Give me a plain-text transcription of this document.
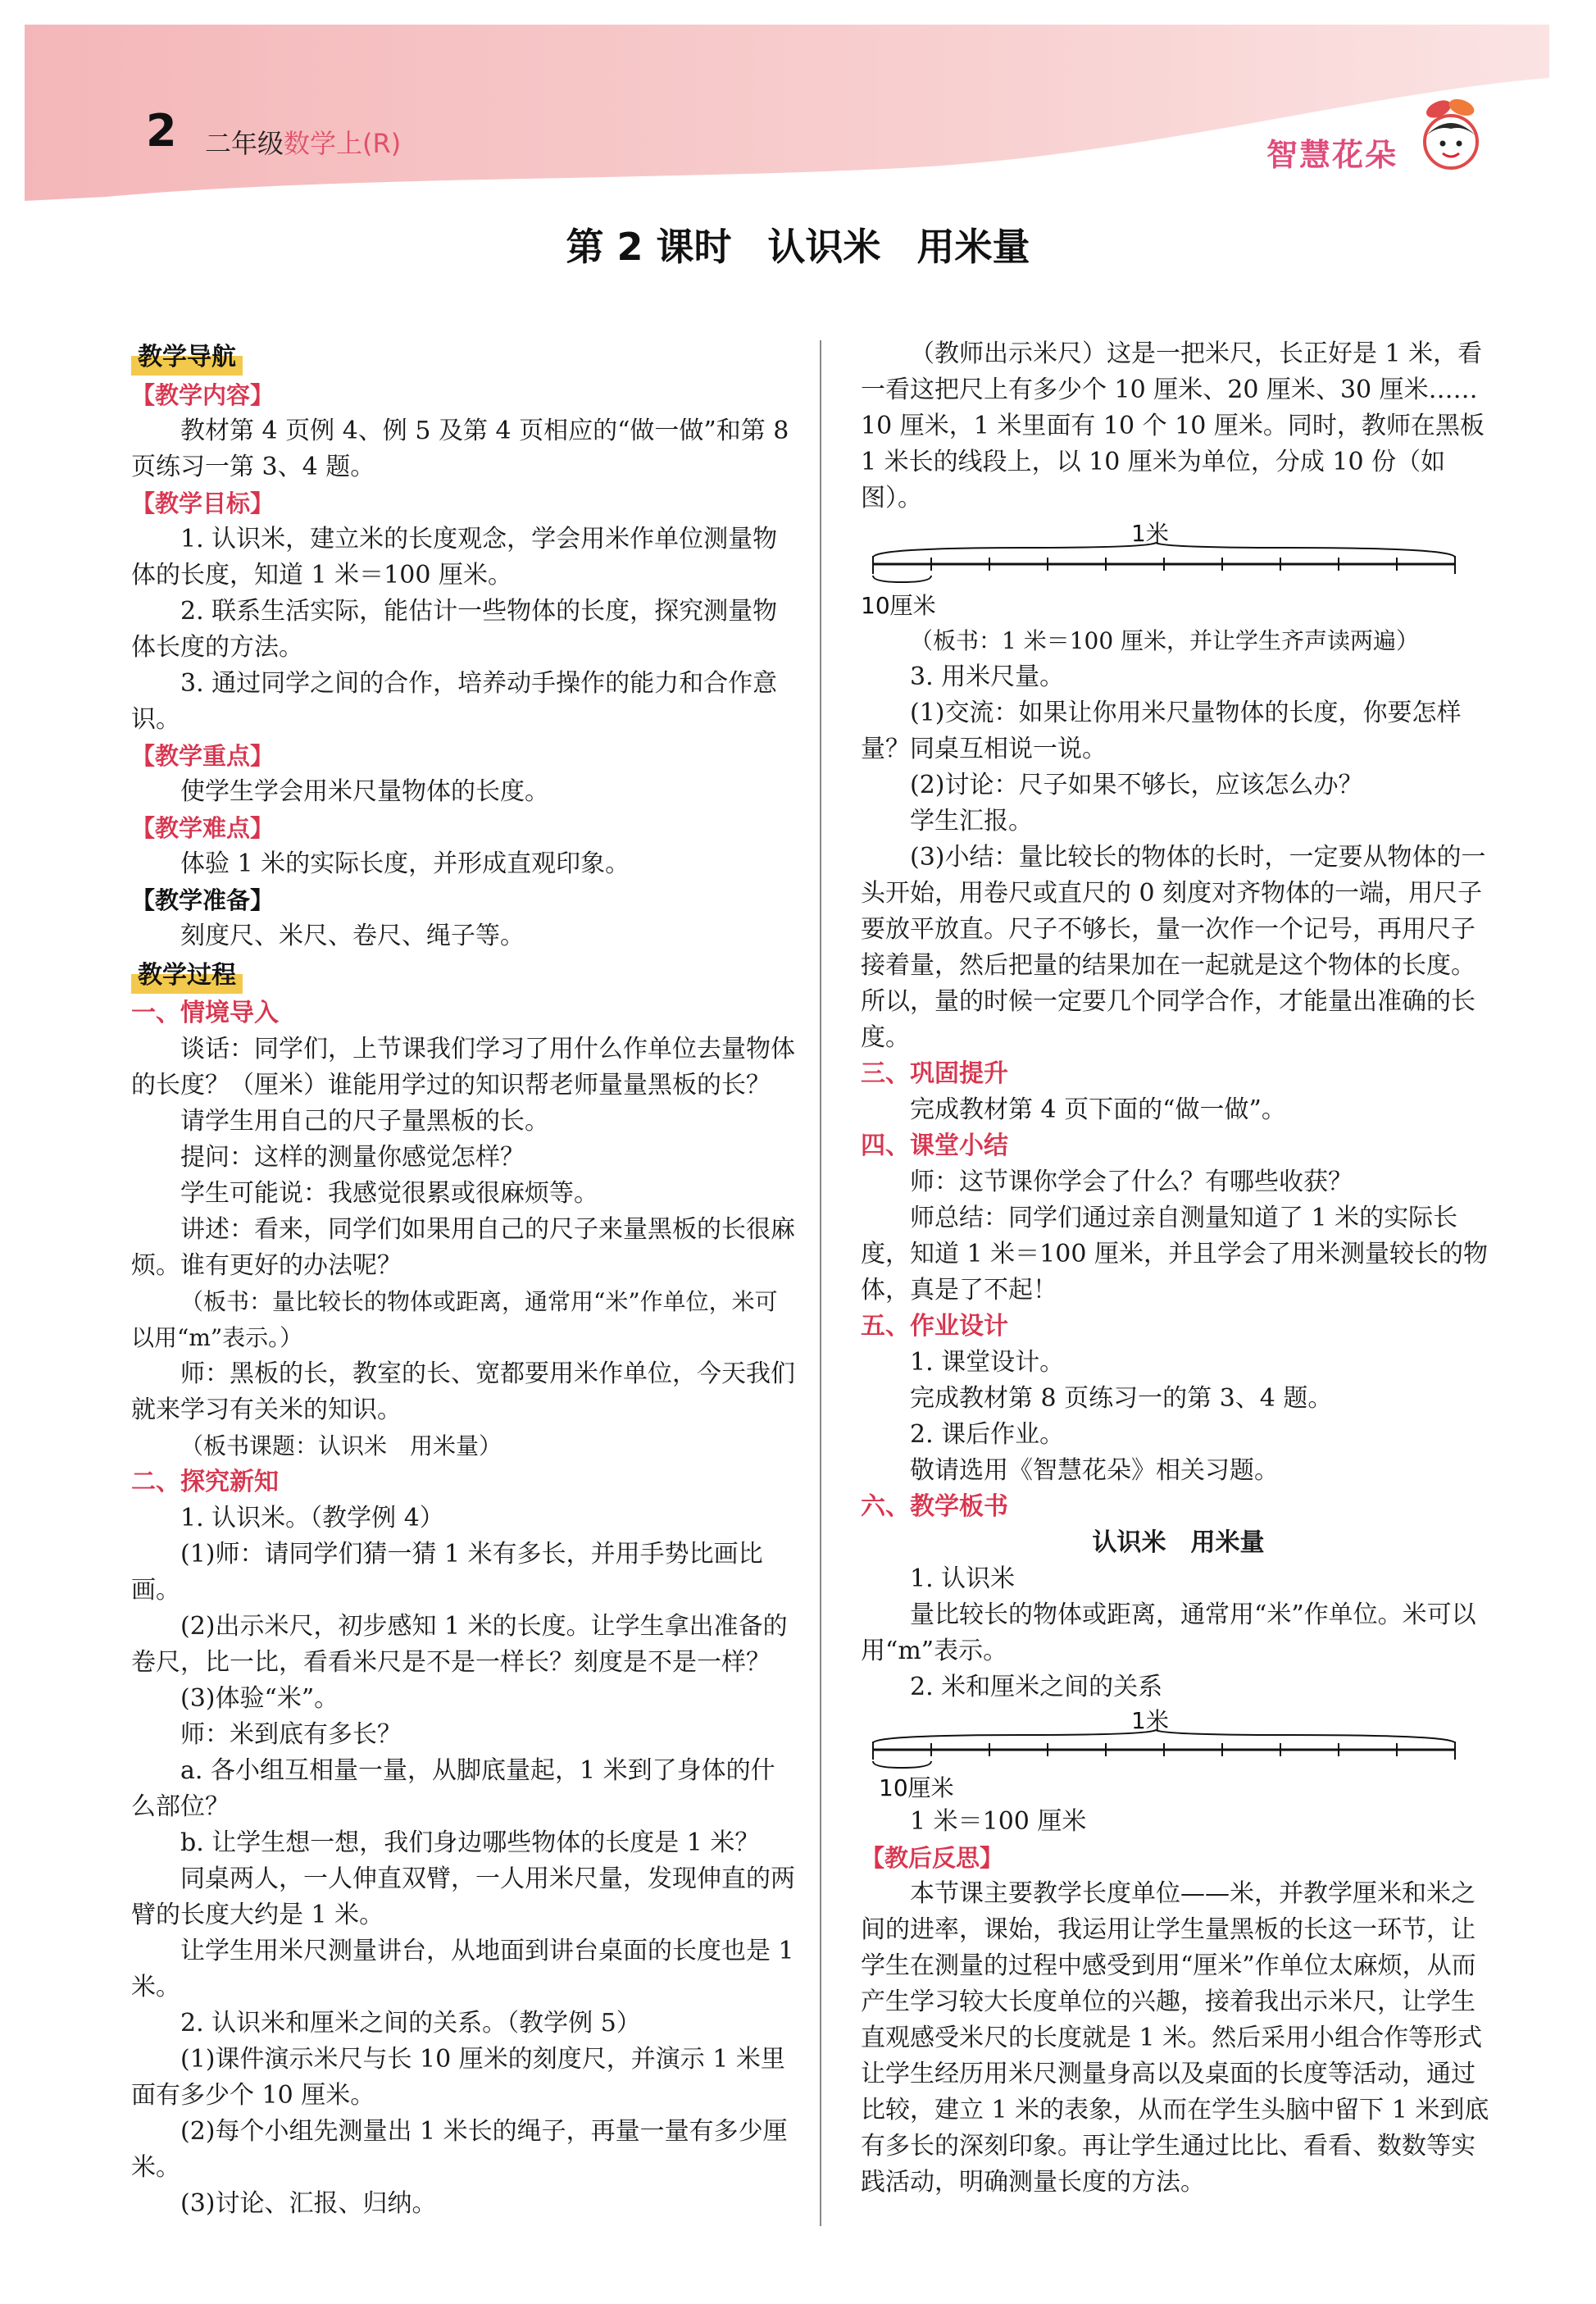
2 二年级数学上(R)	智慧花朵
第 2 课时 认识米 用米量
教学导航

【教学内容】

教材第 4 页例 4、例 5 及第 4 页相应的“做一做”和第 8 页练习一第 3、4 题。

【教学目标】

1. 认识米，建立米的长度观念，学会用米作单位测量物体的长度，知道 1 米＝100 厘米。

2. 联系生活实际，能估计一些物体的长度，探究测量物体长度的方法。

3. 通过同学之间的合作，培养动手操作的能力和合作意识。

【教学重点】

使学生学会用米尺量物体的长度。

【教学难点】

体验 1 米的实际长度，并形成直观印象。

【教学准备】

刻度尺、米尺、卷尺、绳子等。

教学过程

一、情境导入

谈话：同学们，上节课我们学习了用什么作单位去量物体的长度？（厘米）谁能用学过的知识帮老师量量黑板的长？

请学生用自己的尺子量黑板的长。

提问：这样的测量你感觉怎样？

学生可能说：我感觉很累或很麻烦等。

讲述：看来，同学们如果用自己的尺子来量黑板的长很麻烦。谁有更好的办法呢？

（板书：量比较长的物体或距离，通常用“米”作单位，米可以用“m”表示。）

师：黑板的长，教室的长、宽都要用米作单位，今天我们就来学习有关米的知识。

（板书课题：认识米　用米量）

二、探究新知

1. 认识米。（教学例 4）

(1)师：请同学们猜一猜 1 米有多长，并用手势比画比画。

(2)出示米尺，初步感知 1 米的长度。让学生拿出准备的卷尺，比一比，看看米尺是不是一样长？刻度是不是一样？

(3)体验“米”。

师：米到底有多长？

a. 各小组互相量一量，从脚底量起，1 米到了身体的什么部位？

b. 让学生想一想，我们身边哪些物体的长度是 1 米？

同桌两人，一人伸直双臂，一人用米尺量，发现伸直的两臂的长度大约是 1 米。

让学生用米尺测量讲台，从地面到讲台桌面的长度也是 1 米。

2. 认识米和厘米之间的关系。（教学例 5）

(1)课件演示米尺与长 10 厘米的刻度尺，并演示 1 米里面有多少个 10 厘米。

(2)每个小组先测量出 1 米长的绳子，再量一量有多少厘米。

(3)讨论、汇报、归纳。

（教师出示米尺）这是一把米尺，长正好是 1 米，看一看这把尺上有多少个 10 厘米、20 厘米、30 厘米……10 厘米，1 米里面有 10 个 10 厘米。同时，教师在黑板 1 米长的线段上，以 10 厘米为单位，分成 10 份（如图）。

1米
10厘米

（板书：1 米＝100 厘米，并让学生齐声读两遍）

3. 用米尺量。

(1)交流：如果让你用米尺量物体的长度，你要怎样量？同桌互相说一说。

(2)讨论：尺子如果不够长，应该怎么办？

学生汇报。

(3)小结：量比较长的物体的长时，一定要从物体的一头开始，用卷尺或直尺的 0 刻度对齐物体的一端，用尺子要放平放直。尺子不够长，量一次作一个记号，再用尺子接着量，然后把量的结果加在一起就是这个物体的长度。所以，量的时候一定要几个同学合作，才能量出准确的长度。

三、巩固提升

完成教材第 4 页下面的“做一做”。

四、课堂小结

师：这节课你学会了什么？有哪些收获？

师总结：同学们通过亲自测量知道了 1 米的实际长度，知道 1 米＝100 厘米，并且学会了用米测量较长的物体，真是了不起！

五、作业设计

1. 课堂设计。

完成教材第 8 页练习一的第 3、4 题。

2. 课后作业。

敬请选用《智慧花朵》相关习题。

六、教学板书

认识米　用米量

1. 认识米

量比较长的物体或距离，通常用“米”作单位。米可以用“m”表示。

2. 米和厘米之间的关系

1米
10厘米

1 米＝100 厘米

【教后反思】

本节课主要教学长度单位——米，并教学厘米和米之间的进率，课始，我运用让学生量黑板的长这一环节，让学生在测量的过程中感受到用“厘米”作单位太麻烦，从而产生学习较大长度单位的兴趣，接着我出示米尺，让学生直观感受米尺的长度就是 1 米。然后采用小组合作等形式让学生经历用米尺测量身高以及桌面的长度等活动，通过比较，建立 1 米的表象，从而在学生头脑中留下 1 米到底有多长的深刻印象。再让学生通过比比、看看、数数等实践活动，明确测量长度的方法。
